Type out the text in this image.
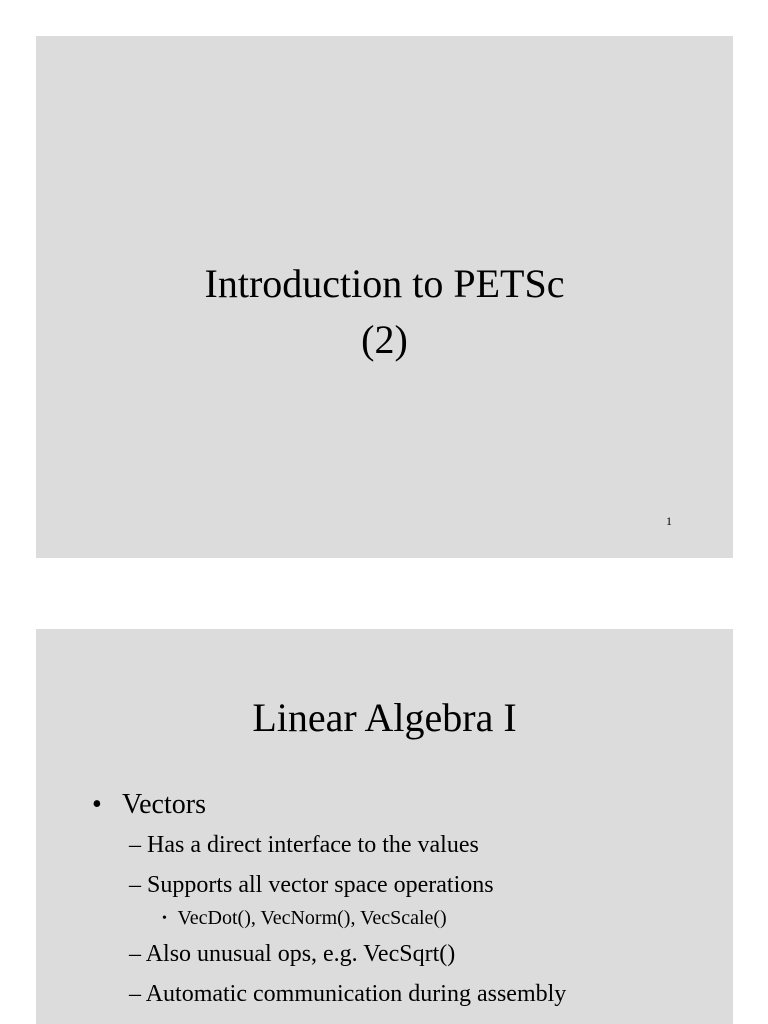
Introduction to PETSc
(2)
1
Linear Algebra I
• Vectors
– Has a direct interface to the values
– Supports all vector space operations
• VecDot(), VecNorm(), VecScale()
– Also unusual ops, e.g. VecSqrt()
– Automatic communication during assembly
